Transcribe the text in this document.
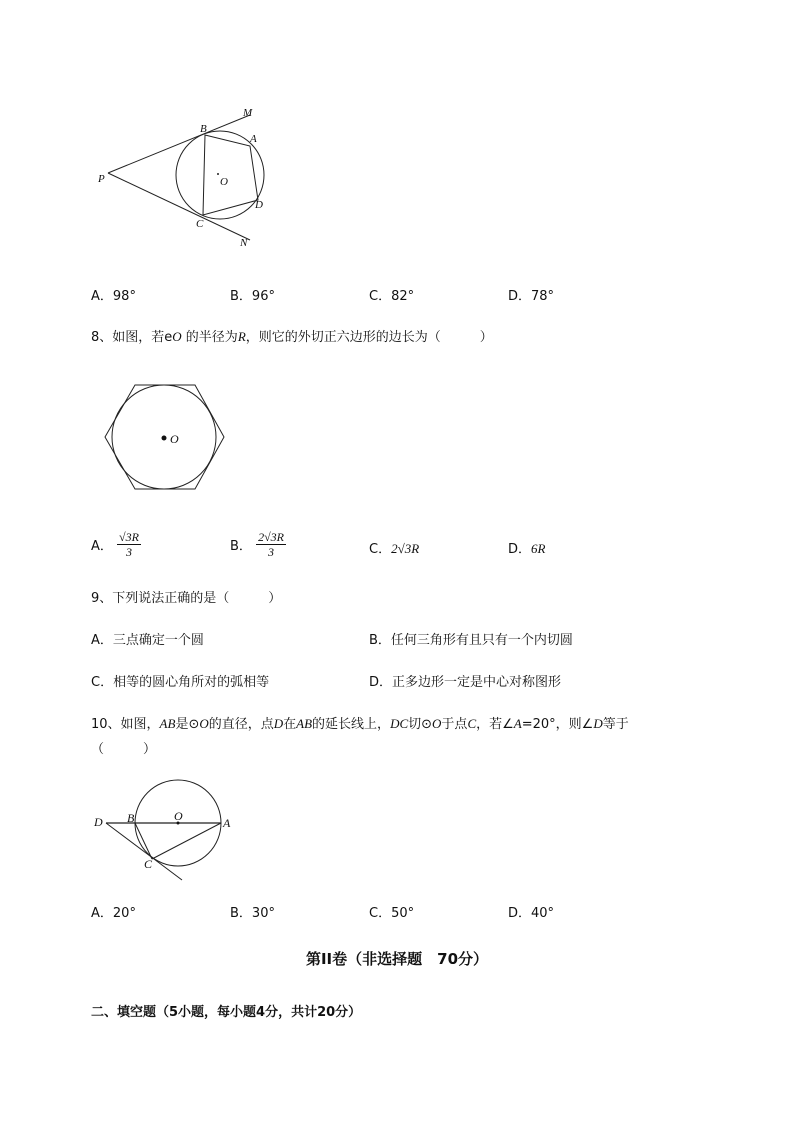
M
B
A
P	O
D
C
N
A．98°	B．96°	C．82°	D．78°
8、如图，若eO 的半径为R，则它的外切正六边形的边长为（　　　）
O
A． $\frac{√3R}{3}$	B． $\frac{2√3R}{3}$	C．2√3R	D．6R
9、下列说法正确的是（　　　）
A．三点确定一个圆	B．任何三角形有且只有一个内切圆
C．相等的圆心角所对的弧相等	D．正多边形一定是中心对称图形
10、如图，AB是⊙O的直径，点D在AB的延长线上，DC切⊙O于点C，若∠A=20°，则∠D等于
（　　　）
D B	O	A
C
A．20°	B．30°	C．50°	D．40°
第II卷（非选择题　70分）
二、填空题（5小题，每小题4分，共计20分）
